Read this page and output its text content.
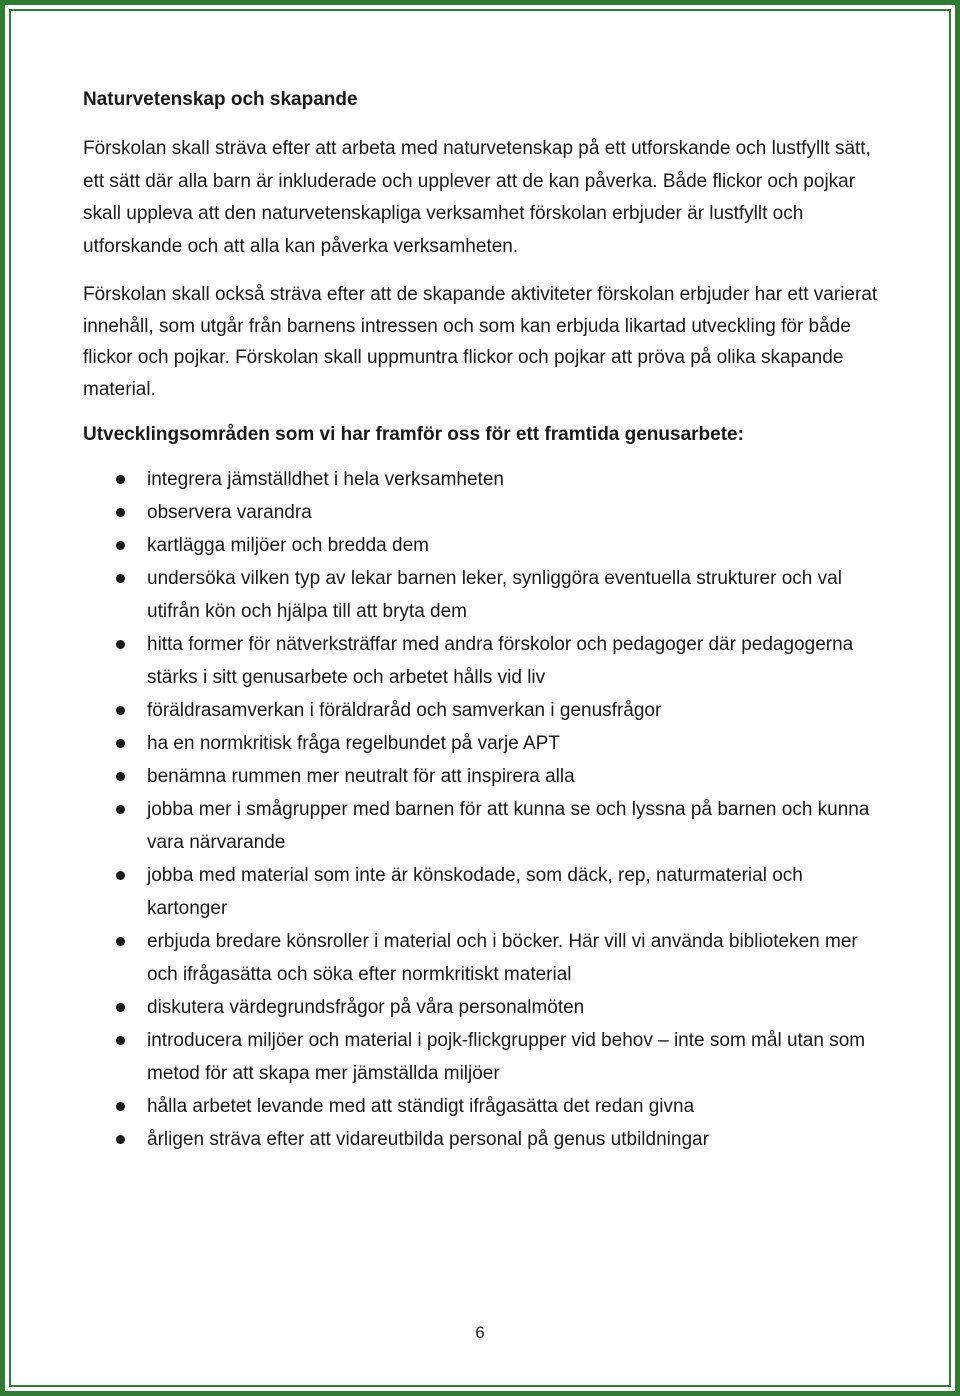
Naturvetenskap och skapande

Förskolan skall sträva efter att arbeta med naturvetenskap på ett utforskande och lustfyllt sätt, ett sätt där alla barn är inkluderade och upplever att de kan påverka. Både flickor och pojkar skall uppleva att den naturvetenskapliga verksamhet förskolan erbjuder är lustfyllt och utforskande och att alla kan påverka verksamheten.

Förskolan skall också sträva efter att de skapande aktiviteter förskolan erbjuder har ett varierat innehåll, som utgår från barnens intressen och som kan erbjuda likartad utveckling för både flickor och pojkar. Förskolan skall uppmuntra flickor och pojkar att pröva på olika skapande material.

Utvecklingsområden som vi har framför oss för ett framtida genusarbete:
integrera jämställdhet i hela verksamheten
observera varandra
kartlägga miljöer och bredda dem
undersöka vilken typ av lekar barnen leker, synliggöra eventuella strukturer och val utifrån kön och hjälpa till att bryta dem
hitta former för nätverksträffar med andra förskolor och pedagoger där pedagogerna stärks i sitt genusarbete och arbetet hålls vid liv
föräldrasamverkan i föräldraråd och samverkan i genusfrågor
ha en normkritisk fråga regelbundet på varje APT
benämna rummen mer neutralt för att inspirera alla
jobba mer i smågrupper med barnen för att kunna se och lyssna på barnen och kunna vara närvarande
jobba med material som inte är könskodade, som däck, rep, naturmaterial och kartonger
erbjuda bredare könsroller i material och i böcker. Här vill vi använda biblioteken mer och ifrågasätta och söka efter normkritiskt material
diskutera värdegrundsfrågor på våra personalmöten
introducera miljöer och material i pojk-flickgrupper vid behov – inte som mål utan som metod för att skapa mer jämställda miljöer
hålla arbetet levande med att ständigt ifrågasätta det redan givna
årligen sträva efter att vidareutbilda personal på genus utbildningar
6
